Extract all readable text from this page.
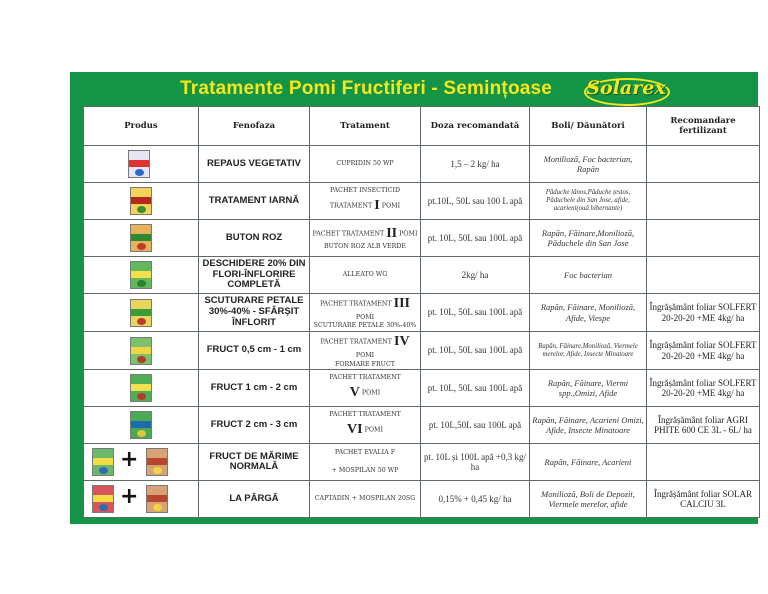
Tratamente Pomi Fructiferi - Semințoase Solarex
Produs	Fenofaza	Tratament	Doza recomandată	Boli/ Dăunători	Recomandare fertilizant

	REPAUS VEGETATIV	CUPRIDIN 50 WP	1,5 – 2 kg/ ha	Monilioză, Foc bacterian, Rapăn	

	TRATAMENT IARNĂ	PACHET INSECTICID
TRATAMENT I POMI	pt.10L, 50L sau 100 L apă	Păduche lânos,Păduche țestos, Păduchele din San Jose, afide, acarieni(ouă hibernante)	

	BUTON ROZ	PACHET TRATAMENT II POMI
BUTON ROZ ALB VERDE	pt. 10L, 50L sau 100L apă	Rapăn, Făinare,Monilioză, Păduchele din San Jose	

	DESCHIDERE 20% DIN FLORI-ÎNFLORIRE COMPLETĂ	ALLEATO WG	2kg/ ha	Foc bacterian	

	SCUTURARE PETALE 30%-40% - SFÂRȘIT ÎNFLORIT	PACHET TRATAMENT III POMI
SCUTURARE PETALE 30%-40%	pt. 10L, 50L sau 100L apă	Rapăn, Făinare, Monilioză, Afide, Viespe	Îngrășământ foliar SOLFERT 20-20-20 +ME 4kg/ ha

	FRUCT 0,5 cm - 1 cm	PACHET TRATAMENT IV POMI
FORMARE FRUCT	pt. 10L, 50L sau 100L apă	Rapăn, Făinare,Monilioză, Viermele merelor, Afide, Insecte Minatoare	Îngrășământ foliar SOLFERT 20-20-20 +ME 4kg/ ha

	FRUCT 1 cm - 2 cm	PACHET TRATAMENT
V POMI	pt. 10L, 50L sau 100L apă	Rapăn, Făinare, Viermi spp.,Omizi, Afide	Îngrășământ foliar SOLFERT 20-20-20 +ME 4kg/ ha

	FRUCT 2 cm - 3 cm	PACHET TRATAMENT
VI POMI	pt. 10L,50L sau 100L apă	Rapăn, Făinare, Acarieni Omizi, Afide, Insecte Minatoare	Îngrășământ foliar AGRI PHITE 600 CE 3L - 6L/ ha

+	FRUCT DE MĂRIME NORMALĂ	PACHET EVALIA F

+ MOSPILAN 50 WP	pt. 10L și 100L apă +0,3 kg/ ha	Rapăn, Făinare, Acarieni	

+	LA PÂRGĂ	CAPTADIN + MOSPILAN 20SG	0,15% + 0,45 kg/ ha	Monilioză, Boli de Depozit, Viermele merelor, afide	Îngrășământ foliar SOLAR CALCIU 3L
